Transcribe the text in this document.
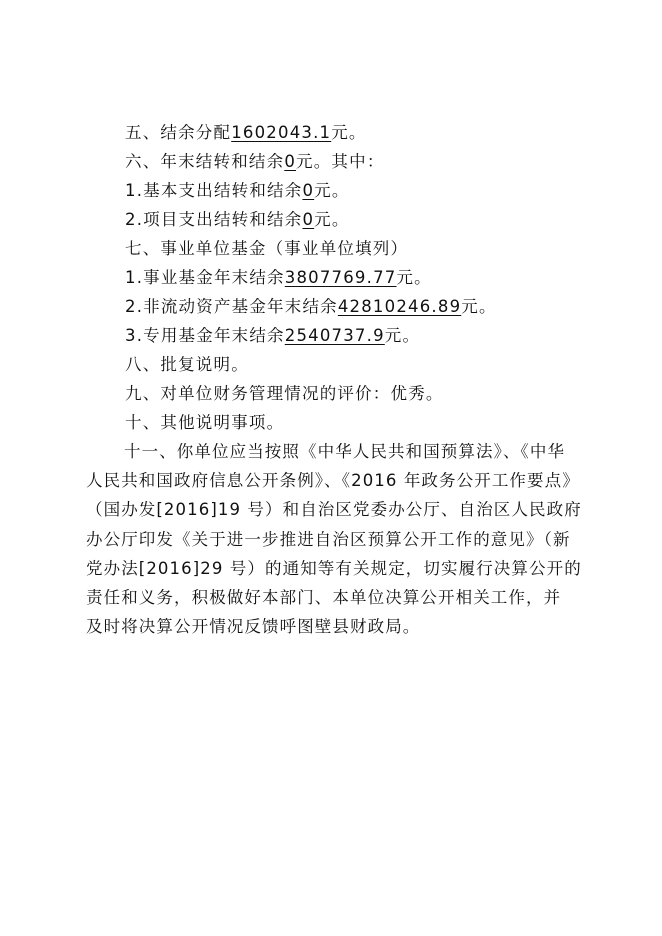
五、结余分配1602043.1元。
六、年末结转和结余0元。其中：
1.基本支出结转和结余0元。
2.项目支出结转和结余0元。
七、事业单位基金（事业单位填列）
1.事业基金年末结余3807769.77元。
2.非流动资产基金年末结余42810246.89元。
3.专用基金年末结余2540737.9元。
八、批复说明。
九、对单位财务管理情况的评价：优秀。
十、其他说明事项。
十一、你单位应当按照《中华人民共和国预算法》、《中华
人民共和国政府信息公开条例》、《2016 年政务公开工作要点》
（国办发[2016]19 号）和自治区党委办公厅、自治区人民政府
办公厅印发《关于进一步推进自治区预算公开工作的意见》（新
党办法[2016]29 号）的通知等有关规定，切实履行决算公开的
责任和义务，积极做好本部门、本单位决算公开相关工作，并
及时将决算公开情况反馈呼图壁县财政局。
